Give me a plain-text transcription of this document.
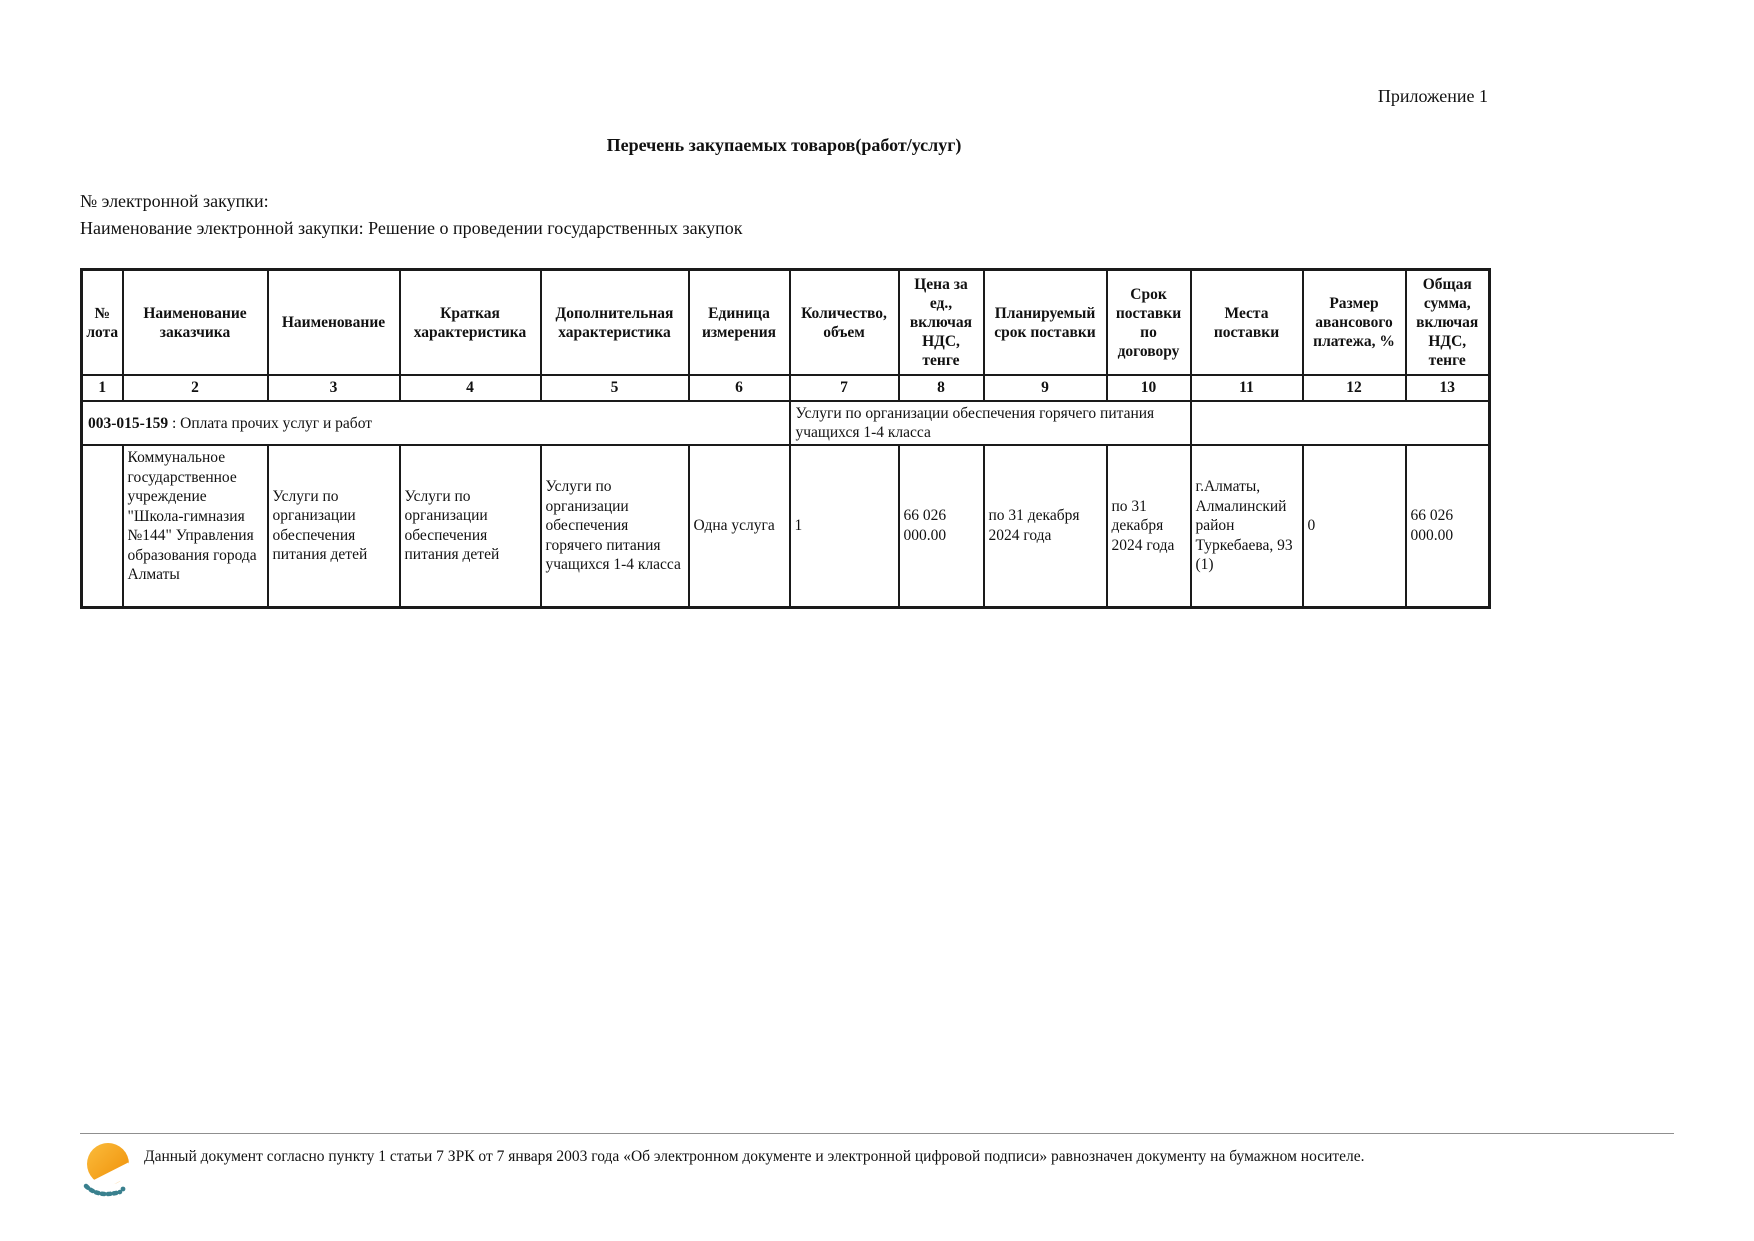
Приложение 1
Перечень закупаемых товаров(работ/услуг)
№ электронной закупки:
Наименование электронной закупки: Решение о проведении государственных закупок
№ лота	Наименование заказчика	Наименование	Краткая характеристика	Дополнительная характеристика	Единица измерения	Количество, объем	Цена за ед., включая НДС, тенге	Планируемый срок поставки	Срок поставки по договору	Места поставки	Размер авансового платежа, %	Общая сумма, включая НДС, тенге
1	2	3	4	5	6	7	8	9	10	11	12	13
003-015-159 : Оплата прочих услуг и работ						Услуги по организации обеспечения горячего питания учащихся 1-4 класса						
	Коммунальное государственное учреждение "Школа-гимназия №144" Управления образования города Алматы	Услуги по организации обеспечения питания детей	Услуги по организации обеспечения питания детей	Услуги по организации обеспечения горячего питания учащихся 1-4 класса	Одна услуга	1	66 026 000.00	по 31 декабря 2024 года	по 31 декабря 2024 года	г.Алматы, Алмалинский район Туркебаева, 93 (1)	0	66 026 000.00
Данный документ согласно пункту 1 статьи 7 ЗРК от 7 января 2003 года «Об электронном документе и электронной цифровой подписи» равнозначен документу на бумажном носителе.
